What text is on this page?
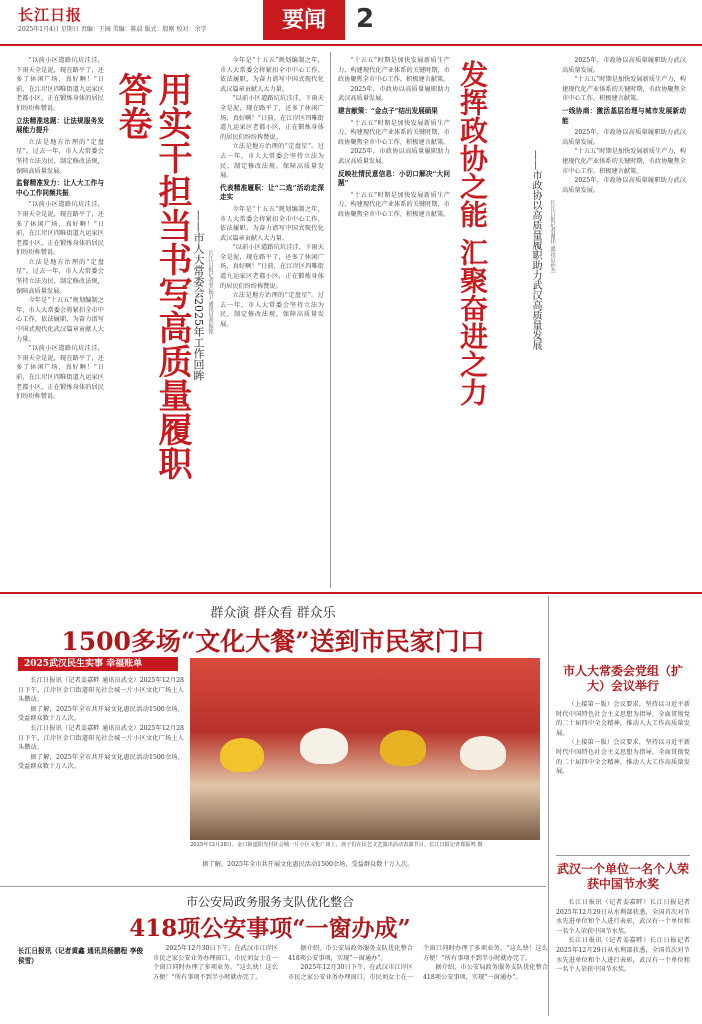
长江日报
2025年1月4日 星期日 责编：王园 美编：陈晨 版式：殷刚 校对：余学	要闻	2

“以前小区道路坑坑洼洼，下雨天全是泥，现在路平了，还多了休闲广场，真好啊！”日前，在江岸区四唯街道九运家区老都小区，正在锻炼身体的居民们纷纷称赞说。

立法精准选题：让法规服务发展能力提升

立法是地方治理的“定盘星”。过去一年，市人大常委会坚持立法为民，制定修改法规，保障高质量发展。

监督精准发力：让人大工作与中心工作同频共振

“以前小区道路坑坑洼洼，下雨天全是泥，现在路平了，还多了休闲广场，真好啊！”日前，在江岸区四唯街道九运家区老都小区，正在锻炼身体的居民们纷纷称赞说。

立法是地方治理的“定盘星”。过去一年，市人大常委会坚持立法为民，制定修改法规，保障高质量发展。

今年是“十五五”规划编制之年，市人大常委会将紧扣全市中心工作，依法履职，为奋力谱写中国式现代化武汉篇章贡献人大力量。

“以前小区道路坑坑洼洼，下雨天全是泥，现在路平了，还多了休闲广场，真好啊！”日前，在江岸区四唯街道九运家区老都小区，正在锻炼身体的居民们纷纷称赞说。	用实干担当书写高质量履职答卷
——市人大常委会2025年工作回眸 长江日报记者罗振卫 通讯员黄振铭

今年是“十五五”规划编制之年，市人大常委会将紧扣全市中心工作，依法履职，为奋力谱写中国式现代化武汉篇章贡献人大力量。

“以前小区道路坑坑洼洼，下雨天全是泥，现在路平了，还多了休闲广场，真好啊！”日前，在江岸区四唯街道九运家区老都小区，正在锻炼身体的居民们纷纷称赞说。

立法是地方治理的“定盘星”。过去一年，市人大常委会坚持立法为民，制定修改法规，保障高质量发展。

代表精准履职：让“二选”活动走深走实

今年是“十五五”规划编制之年，市人大常委会将紧扣全市中心工作，依法履职，为奋力谱写中国式现代化武汉篇章贡献人大力量。

“以前小区道路坑坑洼洼，下雨天全是泥，现在路平了，还多了休闲广场，真好啊！”日前，在江岸区四唯街道九运家区老都小区，正在锻炼身体的居民们纷纷称赞说。

立法是地方治理的“定盘星”。过去一年，市人大常委会坚持立法为民，制定修改法规，保障高质量发展。

“十五五”时期是加快发展新质生产力，构建现代化产业体系的关键时期，市政协聚焦全市中心工作，积极建言献策。

2025年，市政协以高质量履职助力武汉高质量发展。

建言献策：“金点子”结出发展硕果

“十五五”时期是加快发展新质生产力，构建现代化产业体系的关键时期，市政协聚焦全市中心工作，积极建言献策。

2025年，市政协以高质量履职助力武汉高质量发展。

反映社情民意信息：小切口解决“大问题”

“十五五”时期是加快发展新质生产力，构建现代化产业体系的关键时期，市政协聚焦全市中心工作，积极建言献策。 发挥政协之能 汇聚奋进之力	——市政协以高质量履职助力武汉高质量发展	长江日报记者谢伟 通讯员孙杰

2025年，市政协以高质量履职助力武汉高质量发展。

“十五五”时期是加快发展新质生产力，构建现代化产业体系的关键时期，市政协聚焦全市中心工作，积极建言献策。

一线协商：激活基层治理与城市发展新动能

2025年，市政协以高质量履职助力武汉高质量发展。

“十五五”时期是加快发展新质生产力，构建现代化产业体系的关键时期，市政协聚焦全市中心工作，积极建言献策。

2025年，市政协以高质量履职助力武汉高质量发展。

群众演 群众看 群众乐
1500多场“文化大餐”送到市民家门口
2025武汉民生实事 幸福账单

长江日报讯（记者姜嘉畔 通讯员武文）2025年12月28日下午，江岸区金口街道阳光社会城一片小区文化广场上人头攒动。

据了解，2025年全市共开展文化惠民活动1500余场，受益群众数十万人次。

长江日报讯（记者姜嘉畔 通讯员武文）2025年12月28日下午，江岸区金口街道阳光社会城一片小区文化广场上人头攒动。

据了解，2025年全市共开展文化惠民活动1500余场，受益群众数十万人次。

2025年12月28日，金口街道阳光村社会城一片小区文化广场上，孩子们在民艺文艺演出活动表演节目。长江日报记者郑振鸣 摄

据了解，2025年全市共开展文化惠民活动1500余场，受益群众数十万人次。

市人大常委会党组（扩大）会议举行

（上接第一版）会议要求，坚持以习近平新时代中国特色社会主义思想为指导，全面贯彻党的二十届四中全会精神，推动人大工作高质量发展。

（上接第一版）会议要求，坚持以习近平新时代中国特色社会主义思想为指导，全面贯彻党的二十届四中全会精神，推动人大工作高质量发展。

武汉一个单位一名个人荣获中国节水奖

长江日报讯（记者姜嘉畔）长江日报记者2025年12月29日从水利部获悉，全国首次对节水先进单位和个人进行表彰，武汉有一个单位和一名个人荣获中国节水奖。

长江日报讯（记者姜嘉畔）长江日报记者2025年12月29日从水利部获悉，全国首次对节水先进单位和个人进行表彰，武汉有一个单位和一名个人荣获中国节水奖。

市公安局政务服务支队优化整合
418项公安事项“一窗办成”

长江日报讯（记者黄鑫 通讯员杨鹏程 李俊 侯雪）

2025年12月30日下午，在武汉市江岸区市民之家公安业务办理窗口，市民刘女士在一个窗口同时办理了多项业务。“这么快！这么方便！”所有事项不到半小时就办完了。

据介绍，市公安局政务服务支队优化整合418项公安事项，实现“一窗通办”。

2025年12月30日下午，在武汉市江岸区市民之家公安业务办理窗口，市民刘女士在一个窗口同时办理了多项业务。“这么快！这么方便！”所有事项不到半小时就办完了。

据介绍，市公安局政务服务支队优化整合418项公安事项，实现“一窗通办”。
